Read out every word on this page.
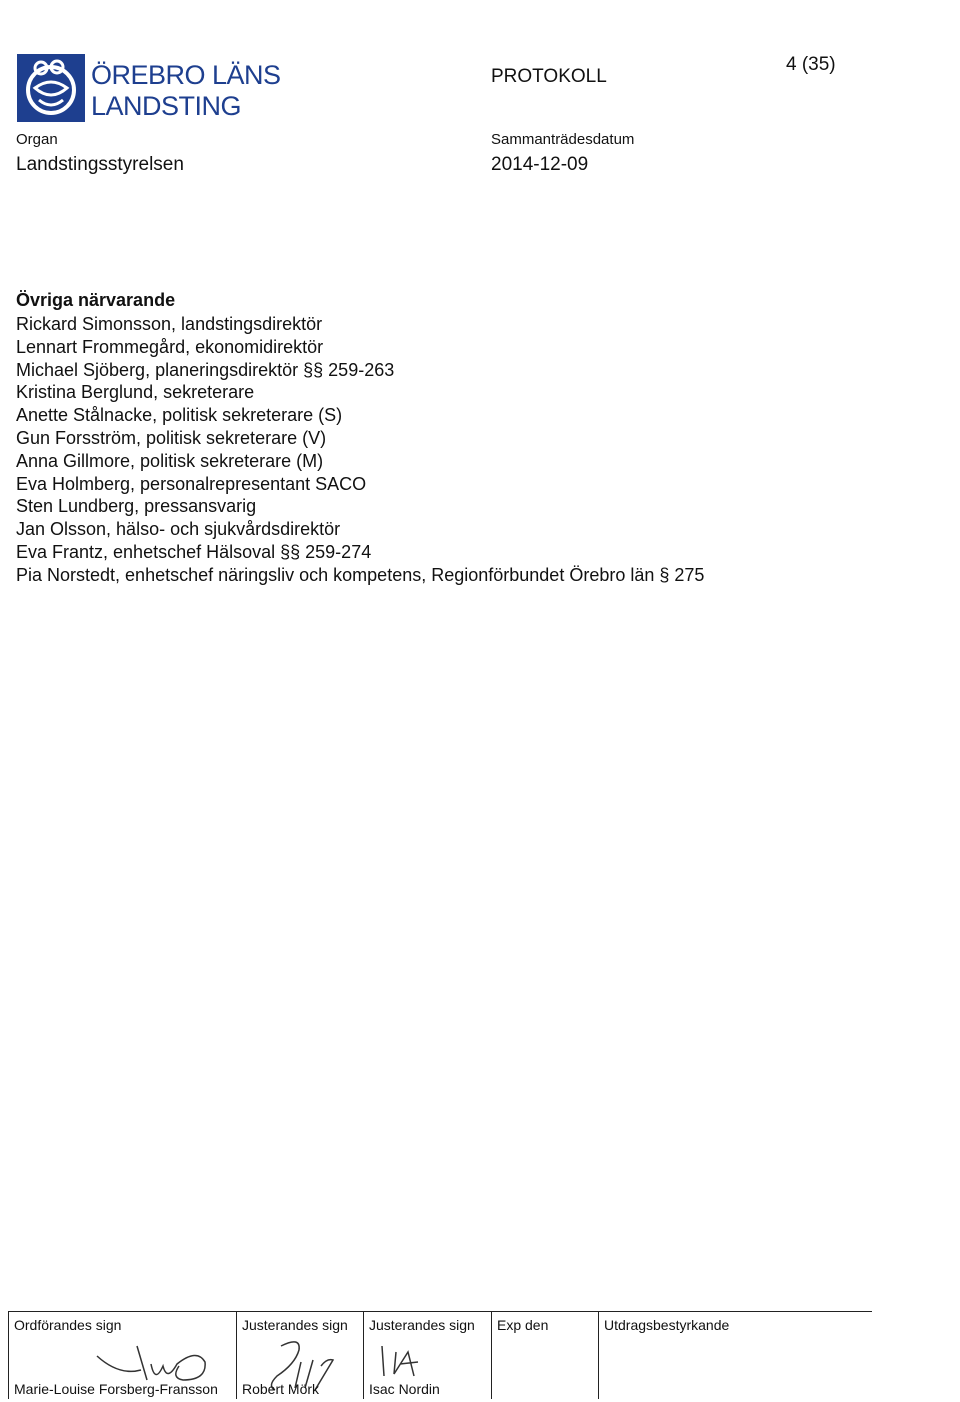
ÖREBRO LÄNS
LANDSTING
PROTOKOLL
4 (35)
Organ
Landstingsstyrelsen
Sammanträdesdatum
2014-12-09
Övriga närvarande
Rickard Simonsson, landstingsdirektör
Lennart Frommegård, ekonomidirektör
Michael Sjöberg, planeringsdirektör §§ 259-263
Kristina Berglund, sekreterare
Anette Stålnacke, politisk sekreterare (S)
Gun Forsström, politisk sekreterare (V)
Anna Gillmore, politisk sekreterare (M)
Eva Holmberg, personalrepresentant SACO
Sten Lundberg, pressansvarig
Jan Olsson, hälso- och sjukvårdsdirektör
Eva Frantz, enhetschef Hälsoval §§ 259-274
Pia Norstedt, enhetschef näringsliv och kompetens, Regionförbundet Örebro län § 275
Ordförandes sign
Marie-Louise Forsberg-Fransson
Justerandes sign
Robert Mörk
Justerandes sign
Isac Nordin
Exp den	Utdragsbestyrkande
